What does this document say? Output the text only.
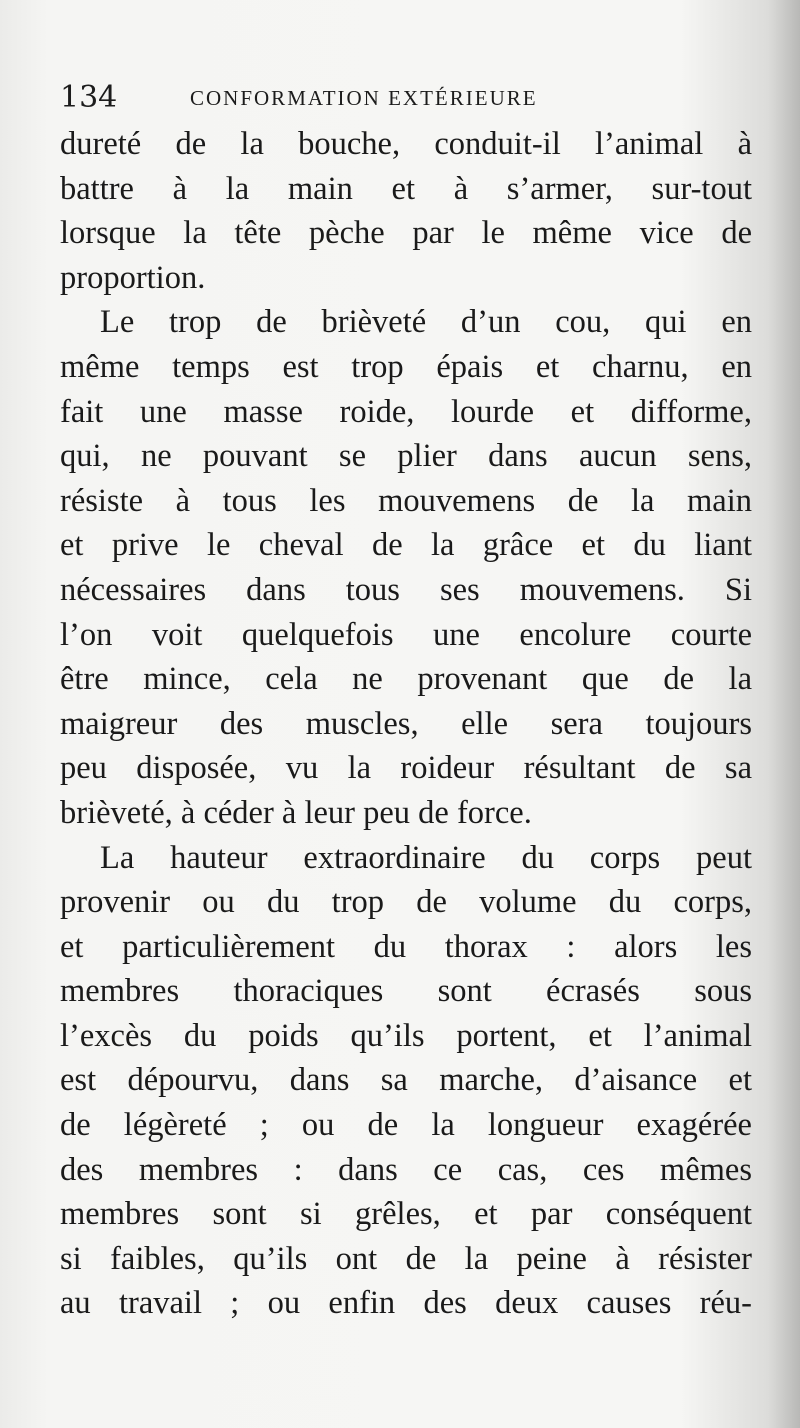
134	CONFORMATION EXTÉRIEURE
dureté de la bouche, conduit-il l’animal à
battre à la main et à s’armer, sur-tout
lorsque la tête pèche par le même vice de
proportion.
Le trop de brièveté d’un cou, qui en
même temps est trop épais et charnu, en
fait une masse roide, lourde et difforme,
qui, ne pouvant se plier dans aucun sens,
résiste à tous les mouvemens de la main
et prive le cheval de la grâce et du liant
nécessaires dans tous ses mouvemens. Si
l’on voit quelquefois une encolure courte
être mince, cela ne provenant que de la
maigreur des muscles, elle sera toujours
peu disposée, vu la roideur résultant de sa
brièveté, à céder à leur peu de force.
La hauteur extraordinaire du corps peut
provenir ou du trop de volume du corps,
et particulièrement du thorax : alors les
membres thoraciques sont écrasés sous
l’excès du poids qu’ils portent, et l’animal
est dépourvu, dans sa marche, d’aisance et
de légèreté ; ou de la longueur exagérée
des membres : dans ce cas, ces mêmes
membres sont si grêles, et par conséquent
si faibles, qu’ils ont de la peine à résister
au travail ; ou enfin des deux causes réu-
